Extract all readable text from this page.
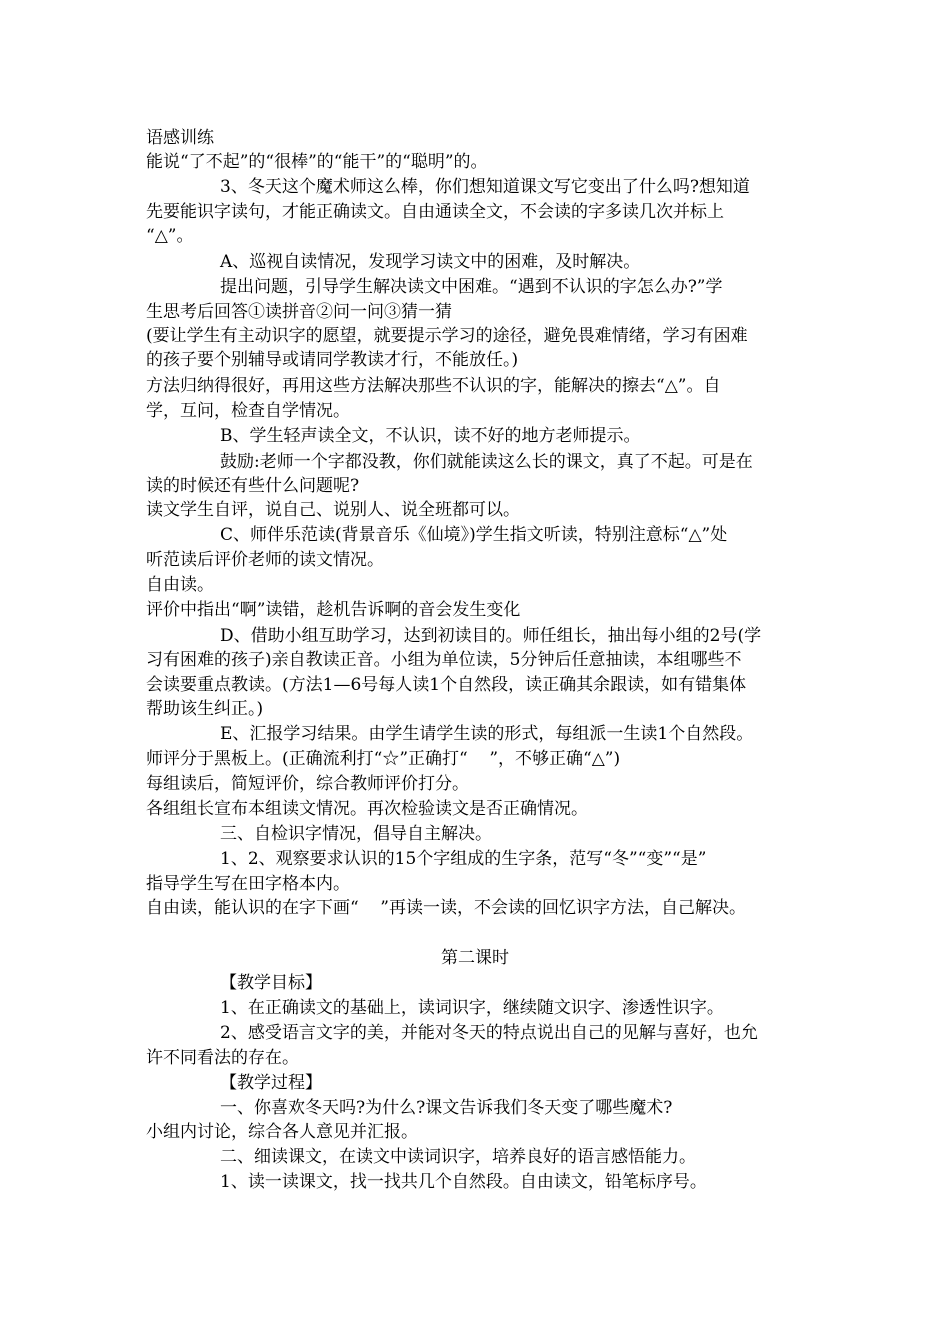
语感训练
能说“了不起”的“很棒”的“能干”的“聪明”的。
3、冬天这个魔术师这么棒，你们想知道课文写它变出了什么吗?想知道
先要能识字读句，才能正确读文。自由通读全文，不会读的字多读几次并标上
“△”。
A、巡视自读情况，发现学习读文中的困难，及时解决。
提出问题，引导学生解决读文中困难。“遇到不认识的字怎么办?”学
生思考后回答①读拼音②问一问③猜一猜
(要让学生有主动识字的愿望，就要提示学习的途径，避免畏难情绪，学习有困难
的孩子要个别辅导或请同学教读才行，不能放任。)
方法归纳得很好，再用这些方法解决那些不认识的字，能解决的擦去“△”。自
学，互问，检查自学情况。
B、学生轻声读全文，不认识，读不好的地方老师提示。
鼓励:老师一个字都没教，你们就能读这么长的课文，真了不起。可是在
读的时候还有些什么问题呢?
读文学生自评，说自己、说别人、说全班都可以。
C、师伴乐范读(背景音乐《仙境》)学生指文听读，特别注意标“△”处
听范读后评价老师的读文情况。
自由读。
评价中指出“啊”读错，趁机告诉啊的音会发生变化
D、借助小组互助学习，达到初读目的。师任组长，抽出每小组的2号(学
习有困难的孩子)亲自教读正音。小组为单位读，5分钟后任意抽读，本组哪些不
会读要重点教读。(方法1—6号每人读1个自然段，读正确其余跟读，如有错集体
帮助该生纠正。)
E、汇报学习结果。由学生请学生读的形式，每组派一生读1个自然段。
师评分于黑板上。(正确流利打“☆”正确打“    ”，不够正确“△”)
每组读后，简短评价，综合教师评价打分。
各组组长宣布本组读文情况。再次检验读文是否正确情况。
三、自检识字情况，倡导自主解决。
1、2、观察要求认识的15个字组成的生字条，范写“冬”“变”“是”
指导学生写在田字格本内。
自由读，能认识的在字下画“    ”再读一读，不会读的回忆识字方法，自己解决。
第二课时
【教学目标】
1、在正确读文的基础上，读词识字，继续随文识字、渗透性识字。
2、感受语言文字的美，并能对冬天的特点说出自己的见解与喜好，也允
许不同看法的存在。
【教学过程】
一、你喜欢冬天吗?为什么?课文告诉我们冬天变了哪些魔术?
小组内讨论，综合各人意见并汇报。
二、细读课文，在读文中读词识字，培养良好的语言感悟能力。
1、读一读课文，找一找共几个自然段。自由读文，铅笔标序号。
